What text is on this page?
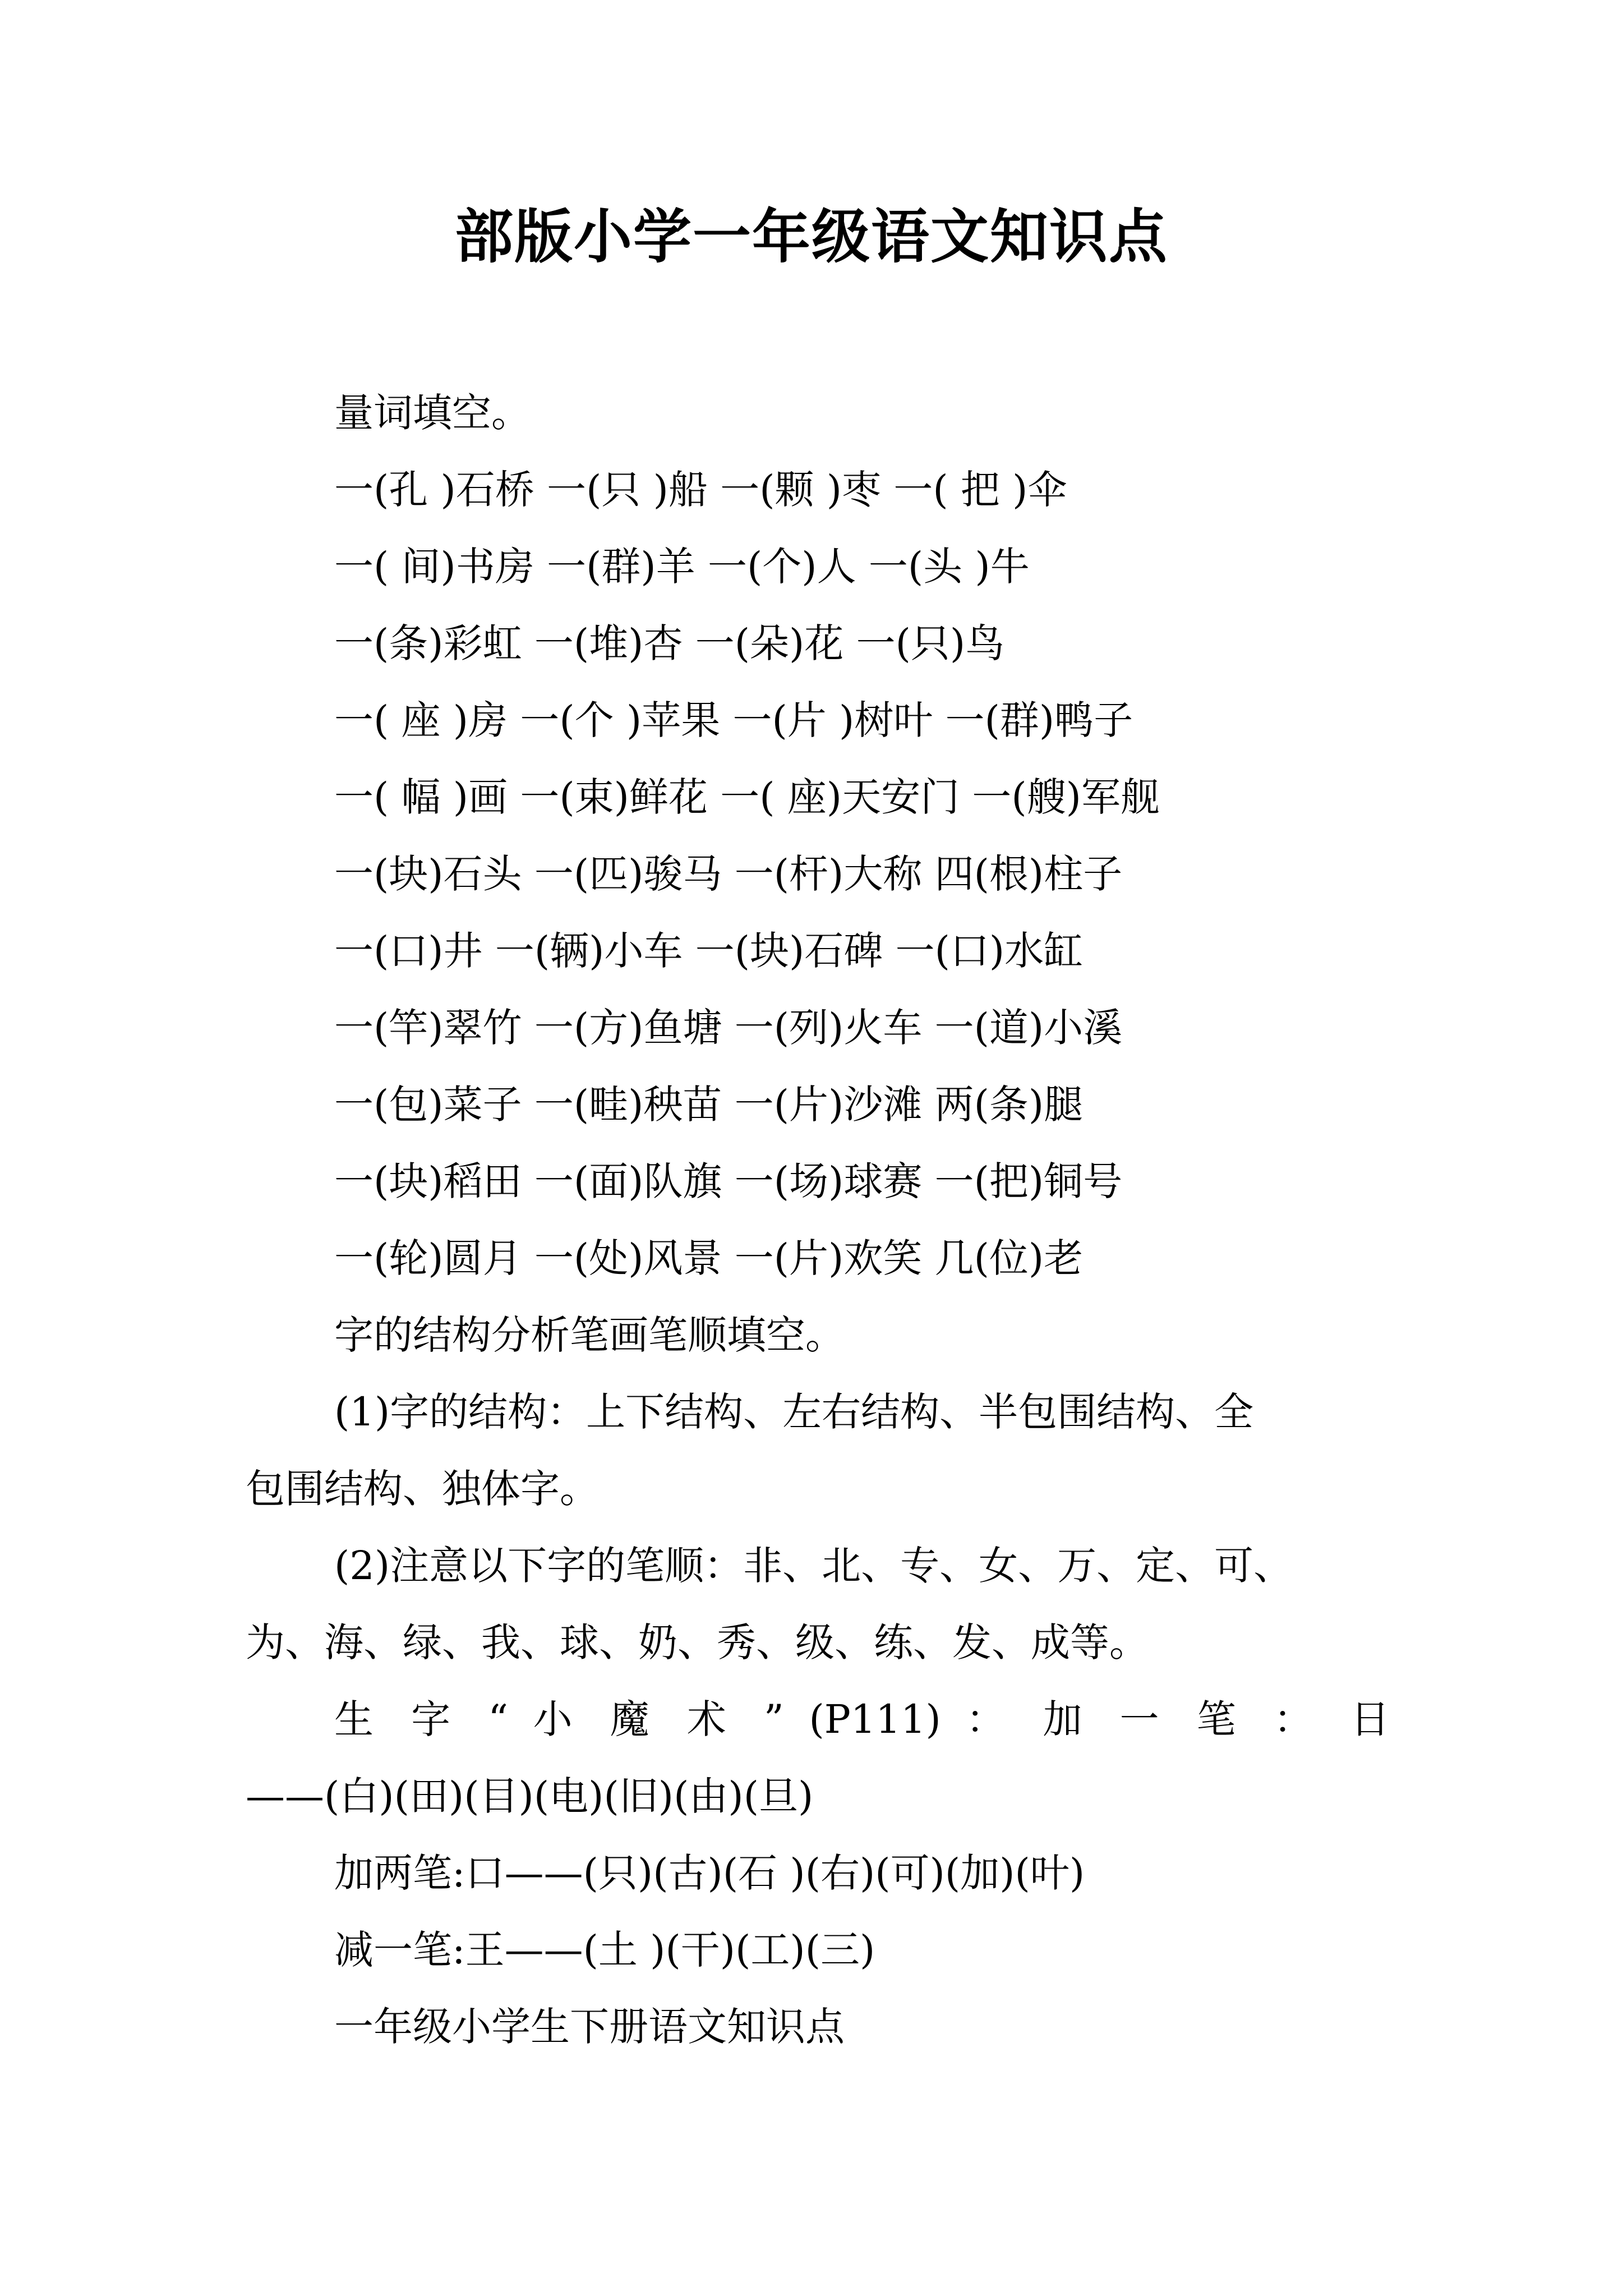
部版小学一年级语文知识点
量词填空。
一(孔 )石桥 一(只 )船 一(颗 )枣 一( 把 )伞
一( 间)书房 一(群)羊 一(个)人 一(头 )牛
一(条)彩虹 一(堆)杏 一(朵)花 一(只)鸟
一( 座 )房 一(个 )苹果 一(片 )树叶 一(群)鸭子
一( 幅 )画 一(束)鲜花 一( 座)天安门 一(艘)军舰
一(块)石头 一(匹)骏马 一(杆)大称 四(根)柱子
一(口)井 一(辆)小车 一(块)石碑 一(口)水缸
一(竿)翠竹 一(方)鱼塘 一(列)火车 一(道)小溪
一(包)菜子 一(畦)秧苗 一(片)沙滩 两(条)腿
一(块)稻田 一(面)队旗 一(场)球赛 一(把)铜号
一(轮)圆月 一(处)风景 一(片)欢笑 几(位)老
字的结构分析笔画笔顺填空。
(1)字的结构：上下结构、左右结构、半包围结构、全
包围结构、独体字。
(2)注意以下字的笔顺：非、北、专、女、万、定、可、
为、海、绿、我、球、奶、秀、级、练、发、成等。
生 字 “ 小 魔 术 ” (P111) ： 加 一 笔 ： 日
——(白)(田)(目)(电)(旧)(由)(旦)
加两笔:口——(只)(古)(石 )(右)(可)(加)(叶)
减一笔:王——(土 )(干)(工)(三)
一年级小学生下册语文知识点
